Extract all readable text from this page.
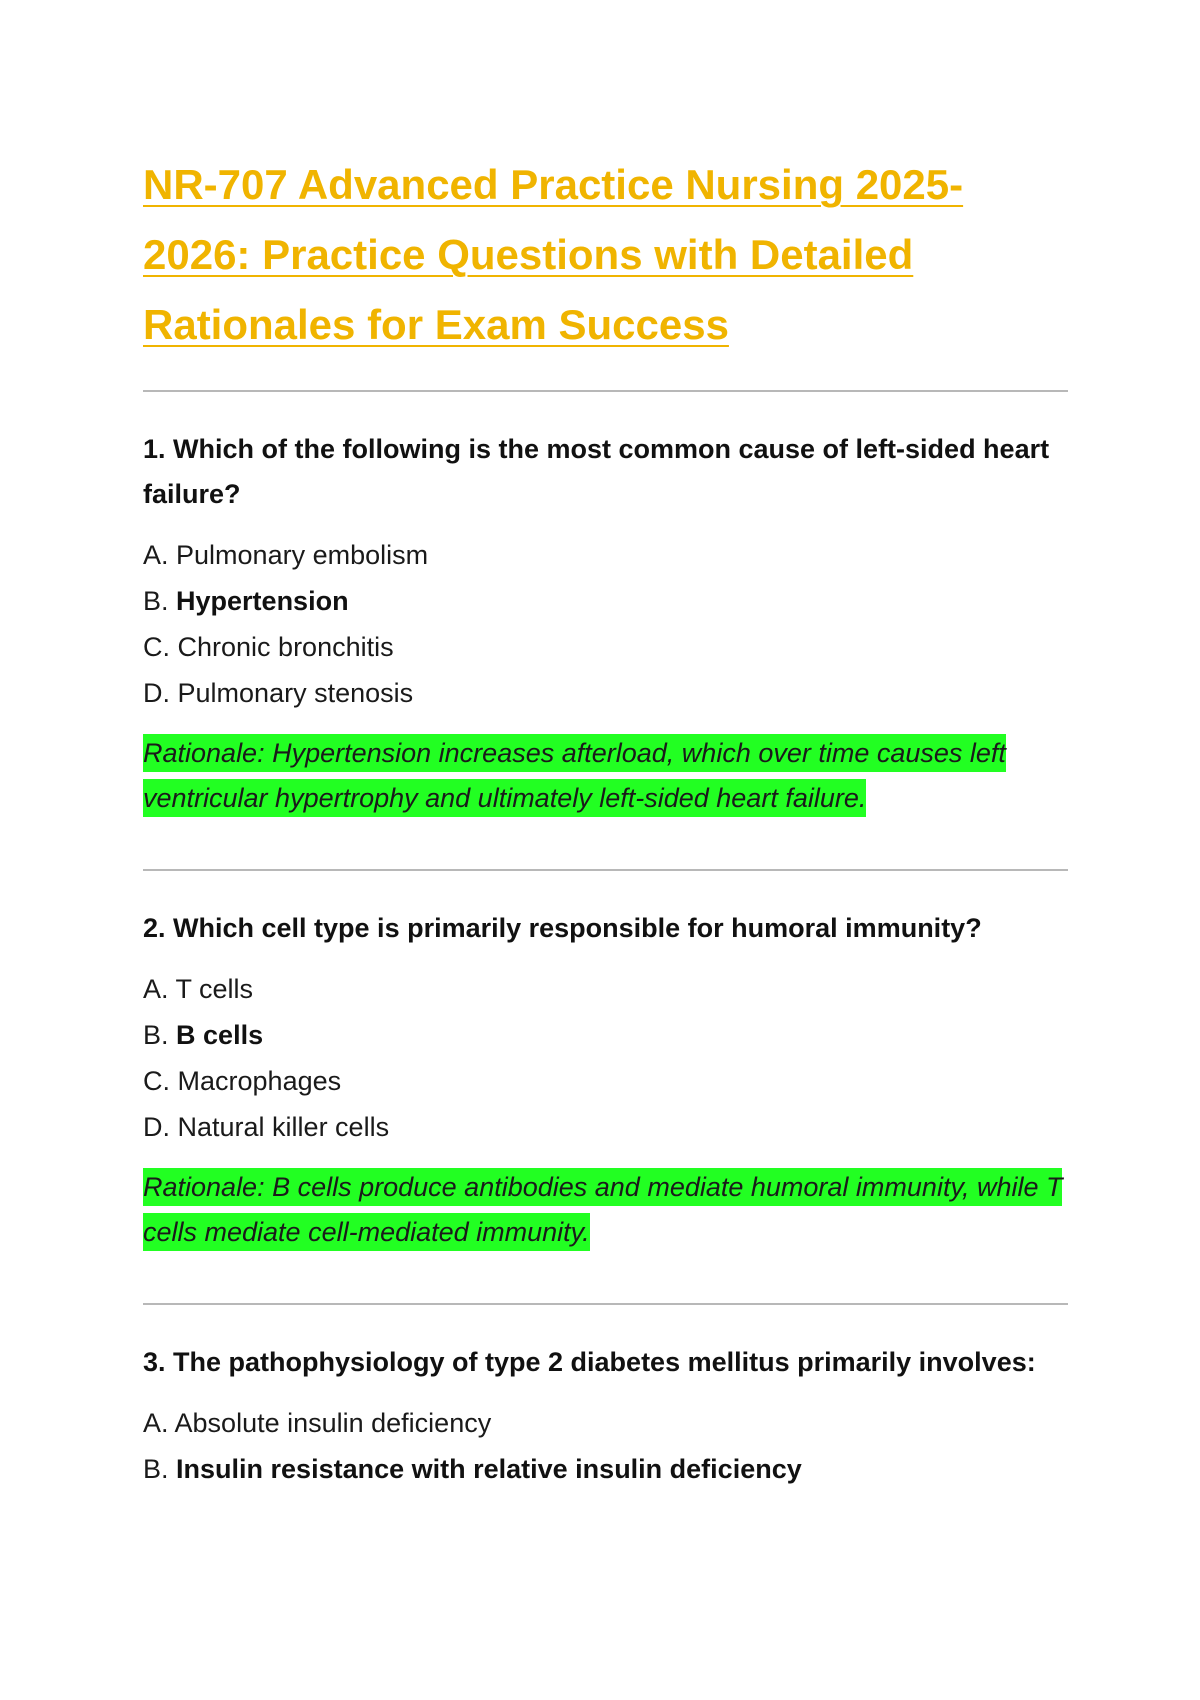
NR-707 Advanced Practice Nursing 2025-2026: Practice Questions with Detailed Rationales for Exam Success

1. Which of the following is the most common cause of left-sided heart failure?

A. Pulmonary embolism
B. Hypertension
C. Chronic bronchitis
D. Pulmonary stenosis

Rationale: Hypertension increases afterload, which over time causes left ventricular hypertrophy and ultimately left-sided heart failure.

2. Which cell type is primarily responsible for humoral immunity?

A. T cells
B. B cells
C. Macrophages
D. Natural killer cells

Rationale: B cells produce antibodies and mediate humoral immunity, while T cells mediate cell-mediated immunity.

3. The pathophysiology of type 2 diabetes mellitus primarily involves:

A. Absolute insulin deficiency
B. Insulin resistance with relative insulin deficiency
